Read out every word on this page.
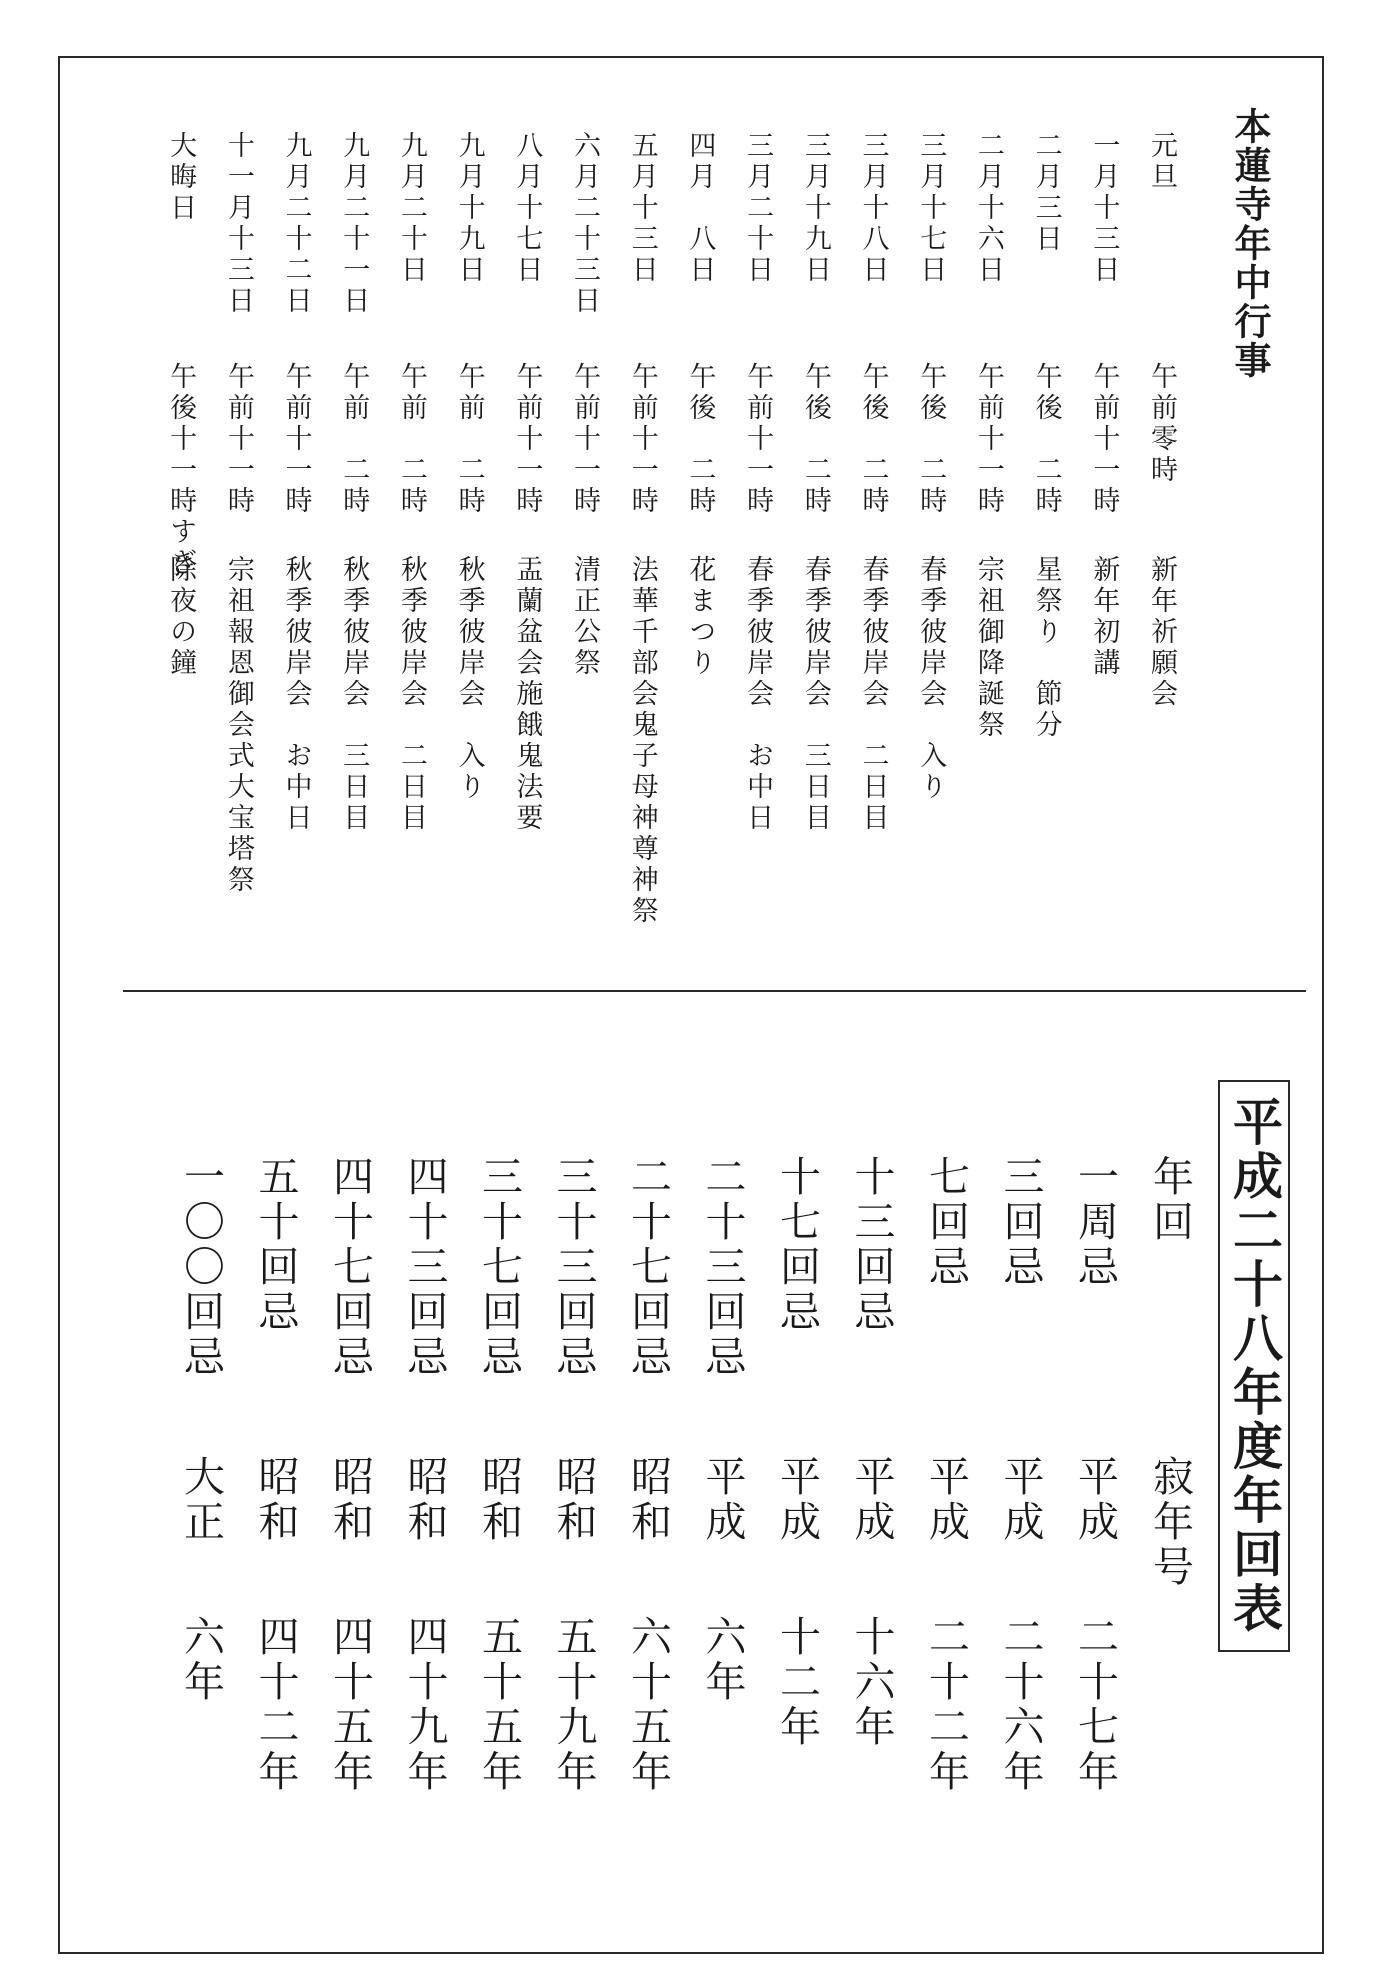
本蓮寺年中行事
元旦
午前零時
新年祈願会
一月十三日
午前十一時
新年初講
二月三日
午後　二時
星祭り　節分
二月十六日
午前十一時
宗祖御降誕祭
三月十七日
午後　二時
春季彼岸会　入り
三月十八日
午後　二時
春季彼岸会　二日目
三月十九日
午後　二時
春季彼岸会　三日目
三月二十日
午前十一時
春季彼岸会　お中日
四月　八日
午後　二時
花まつり
五月十三日
午前十一時
法華千部会鬼子母神尊神祭
六月二十三日
午前十一時
清正公祭
八月十七日
午前十一時
盂蘭盆会施餓鬼法要
九月十九日
午前　二時
秋季彼岸会　入り
九月二十日
午前　二時
秋季彼岸会　二日目
九月二十一日
午前　二時
秋季彼岸会　三日目
九月二十二日
午前十一時
秋季彼岸会　お中日
十一月十三日
午前十一時
宗祖報恩御会式大宝塔祭
大晦日
午後十一時すぎ
除夜の鐘
平成二十八年度年回表
年回
寂年号
一周忌
平成
二十七年
三回忌
平成
二十六年
七回忌
平成
二十二年
十三回忌
平成
十六年
十七回忌
平成
十二年
二十三回忌
平成
六年
二十七回忌
昭和
六十五年
三十三回忌
昭和
五十九年
三十七回忌
昭和
五十五年
四十三回忌
昭和
四十九年
四十七回忌
昭和
四十五年
五十回忌
昭和
四十二年
一〇〇回忌
大正
六年
